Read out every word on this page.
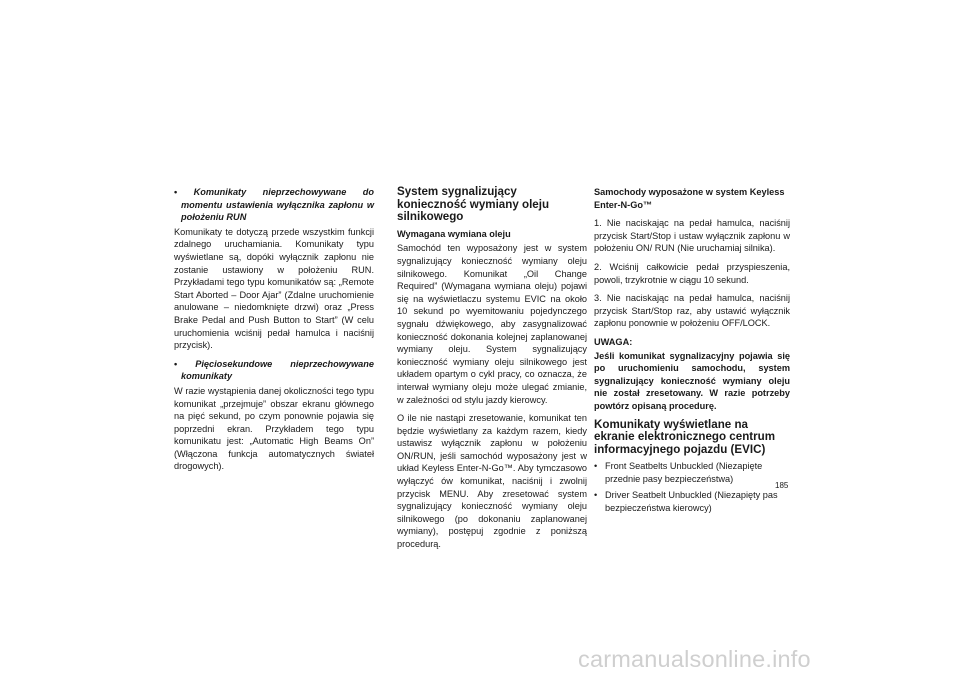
• Komunikaty nieprzechowywane do momentu ustawienia wyłącznika zapłonu w położeniu RUN

Komunikaty te dotyczą przede wszystkim funkcji zdalnego uruchamiania. Komunikaty typu wyświetlane są, dopóki wyłącznik zapłonu nie zostanie ustawiony w położeniu RUN. Przykładami tego typu komunikatów są: „Remote Start Aborted – Door Ajar” (Zdalne uruchomienie anulowane – niedomknięte drzwi) oraz „Press Brake Pedal and Push Button to Start” (W celu uruchomienia wciśnij pedał hamulca i naciśnij przycisk).

• Pięciosekundowe nieprzechowywane komunikaty

W razie wystąpienia danej okoliczności tego typu komunikat „przejmuje” obszar ekranu głównego na pięć sekund, po czym ponownie pojawia się poprzedni ekran. Przykładem tego typu komunikatu jest: „Automatic High Beams On” (Włączona funkcja automatycznych świateł drogowych).

System sygnalizujący konieczność wymiany oleju silnikowego
Wymagana wymiana oleju

Samochód ten wyposażony jest w system sygnalizujący konieczność wymiany oleju silnikowego. Komunikat „Oil Change Required” (Wymagana wymiana oleju) pojawi się na wyświetlaczu systemu EVIC na około 10 sekund po wyemitowaniu pojedynczego sygnału dźwiękowego, aby zasygnalizować konieczność dokonania kolejnej zaplanowanej wymiany oleju. System sygnalizujący konieczność wymiany oleju silnikowego jest układem opartym o cykl pracy, co oznacza, że interwał wymiany oleju może ulegać zmianie, w zależności od stylu jazdy kierowcy.

O ile nie nastąpi zresetowanie, komunikat ten będzie wyświetlany za każdym razem, kiedy ustawisz wyłącznik zapłonu w położeniu ON/RUN, jeśli samochód wyposażony jest w układ Keyless Enter-N-Go™. Aby tymczasowo wyłączyć ów komunikat, naciśnij i zwolnij przycisk MENU. Aby zresetować system sygnalizujący konieczność wymiany oleju silnikowego (po dokonaniu zaplanowanej wymiany), postępuj zgodnie z poniższą procedurą.

Samochody wyposażone w system Keyless Enter-N-Go™

1. Nie naciskając na pedał hamulca, naciśnij przycisk Start/Stop i ustaw wyłącznik zapłonu w położeniu ON/ RUN (Nie uruchamiaj silnika).

2. Wciśnij całkowicie pedał przyspieszenia, powoli, trzykrotnie w ciągu 10 sekund.

3. Nie naciskając na pedał hamulca, naciśnij przycisk Start/Stop raz, aby ustawić wyłącznik zapłonu ponownie w położeniu OFF/LOCK.

UWAGA:

Jeśli komunikat sygnalizacyjny pojawia się po uruchomieniu samochodu, system sygnalizujący konieczność wymiany oleju nie został zresetowany. W razie potrzeby powtórz opisaną procedurę.

Komunikaty wyświetlane na ekranie elektronicznego centrum informacyjnego pojazdu (EVIC)
• Front Seatbelts Unbuckled (Niezapięte przednie pasy bezpieczeństwa)
• Driver Seatbelt Unbuckled (Niezapięty pas bezpieczeństwa kierowcy)
185
carmanualsonline.info
